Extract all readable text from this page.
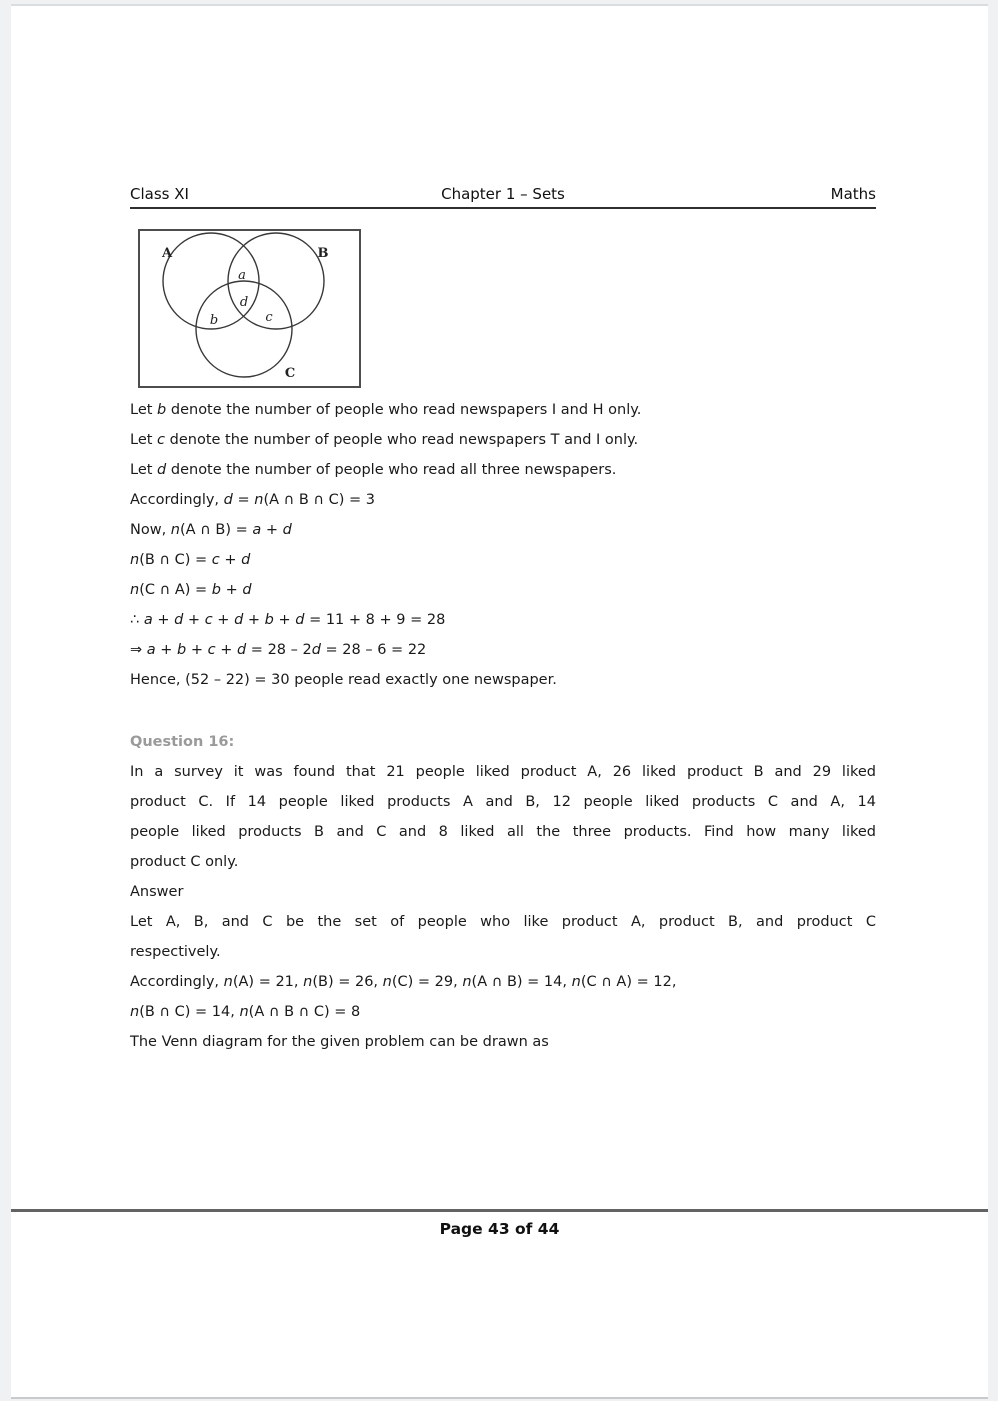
Class XI	Chapter 1 – Sets	Maths
A	B
C
a
d
b	c
Let b denote the number of people who read newspapers I and H only.
Let c denote the number of people who read newspapers T and I only.
Let d denote the number of people who read all three newspapers.
Accordingly, d = n(A ∩ B ∩ C) = 3
Now, n(A ∩ B) = a + d
n(B ∩ C) = c + d
n(C ∩ A) = b + d
∴ a + d + c + d + b + d = 11 + 8 + 9 = 28
⇒ a + b + c + d = 28 – 2d = 28 – 6 = 22
Hence, (52 – 22) = 30 people read exactly one newspaper.
Question 16:
In a survey it was found that 21 people liked product A, 26 liked product B and 29 liked
product C. If 14 people liked products A and B, 12 people liked products C and A, 14
people liked products B and C and 8 liked all the three products. Find how many liked
product C only.
Answer
Let A, B, and C be the set of people who like product A, product B, and product C
respectively.
Accordingly, n(A) = 21, n(B) = 26, n(C) = 29, n(A ∩ B) = 14, n(C ∩ A) = 12,
n(B ∩ C) = 14, n(A ∩ B ∩ C) = 8
The Venn diagram for the given problem can be drawn as
Page 43 of 44
